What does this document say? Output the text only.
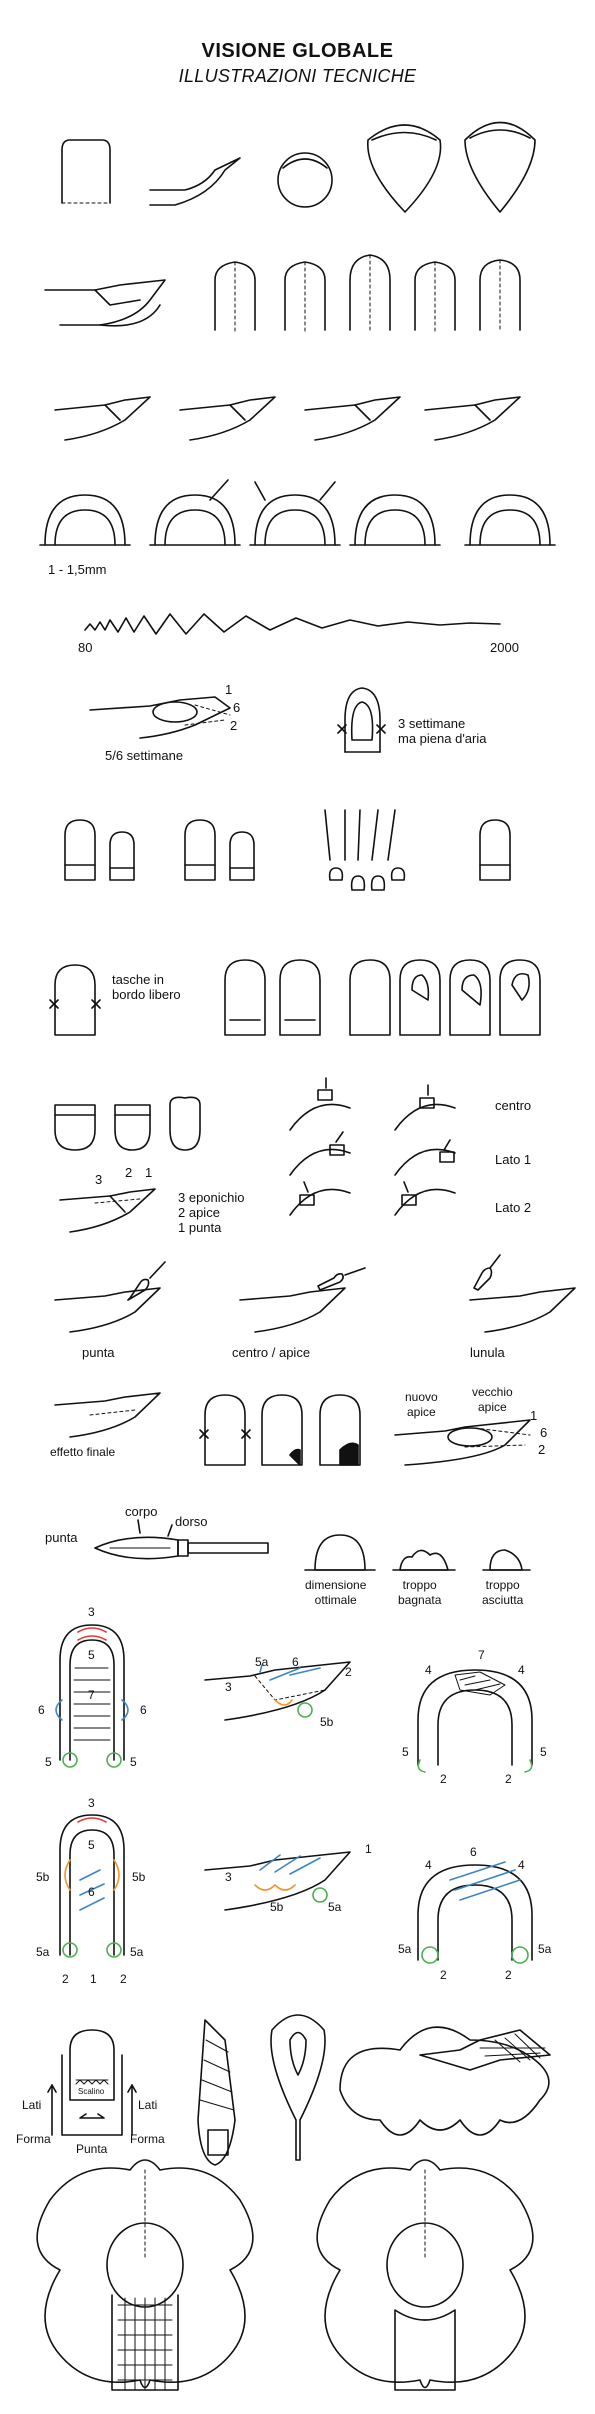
VISIONE GLOBALE
ILLUSTRAZIONI TECNICHE
1 - 1,5mm
80	2000
1
6
2
5/6 settimane
3 settimane
ma piena d'aria
tasche in
bordo libero
3 2 1
3 eponichio
2 apice
1 punta
centro
Lato 1
Lato 2
punta	centro / apice	lunula
effetto finale
nuovo
apice
vecchio
apice
1
6
2
punta
corpo
dorso
dimensione
ottimale
troppo
bagnata
troppo
asciutta
3
5
7
6	6
5	5
3
5a 6
2
5b
7
4	4
5	5
2	2
3
5
5b	5b
6
5a	5a
2 1 2
3
1
5b	5a
6
4	4
5a	5a
2	2
Scalino
Lati	Lati
Forma	Forma
Punta
